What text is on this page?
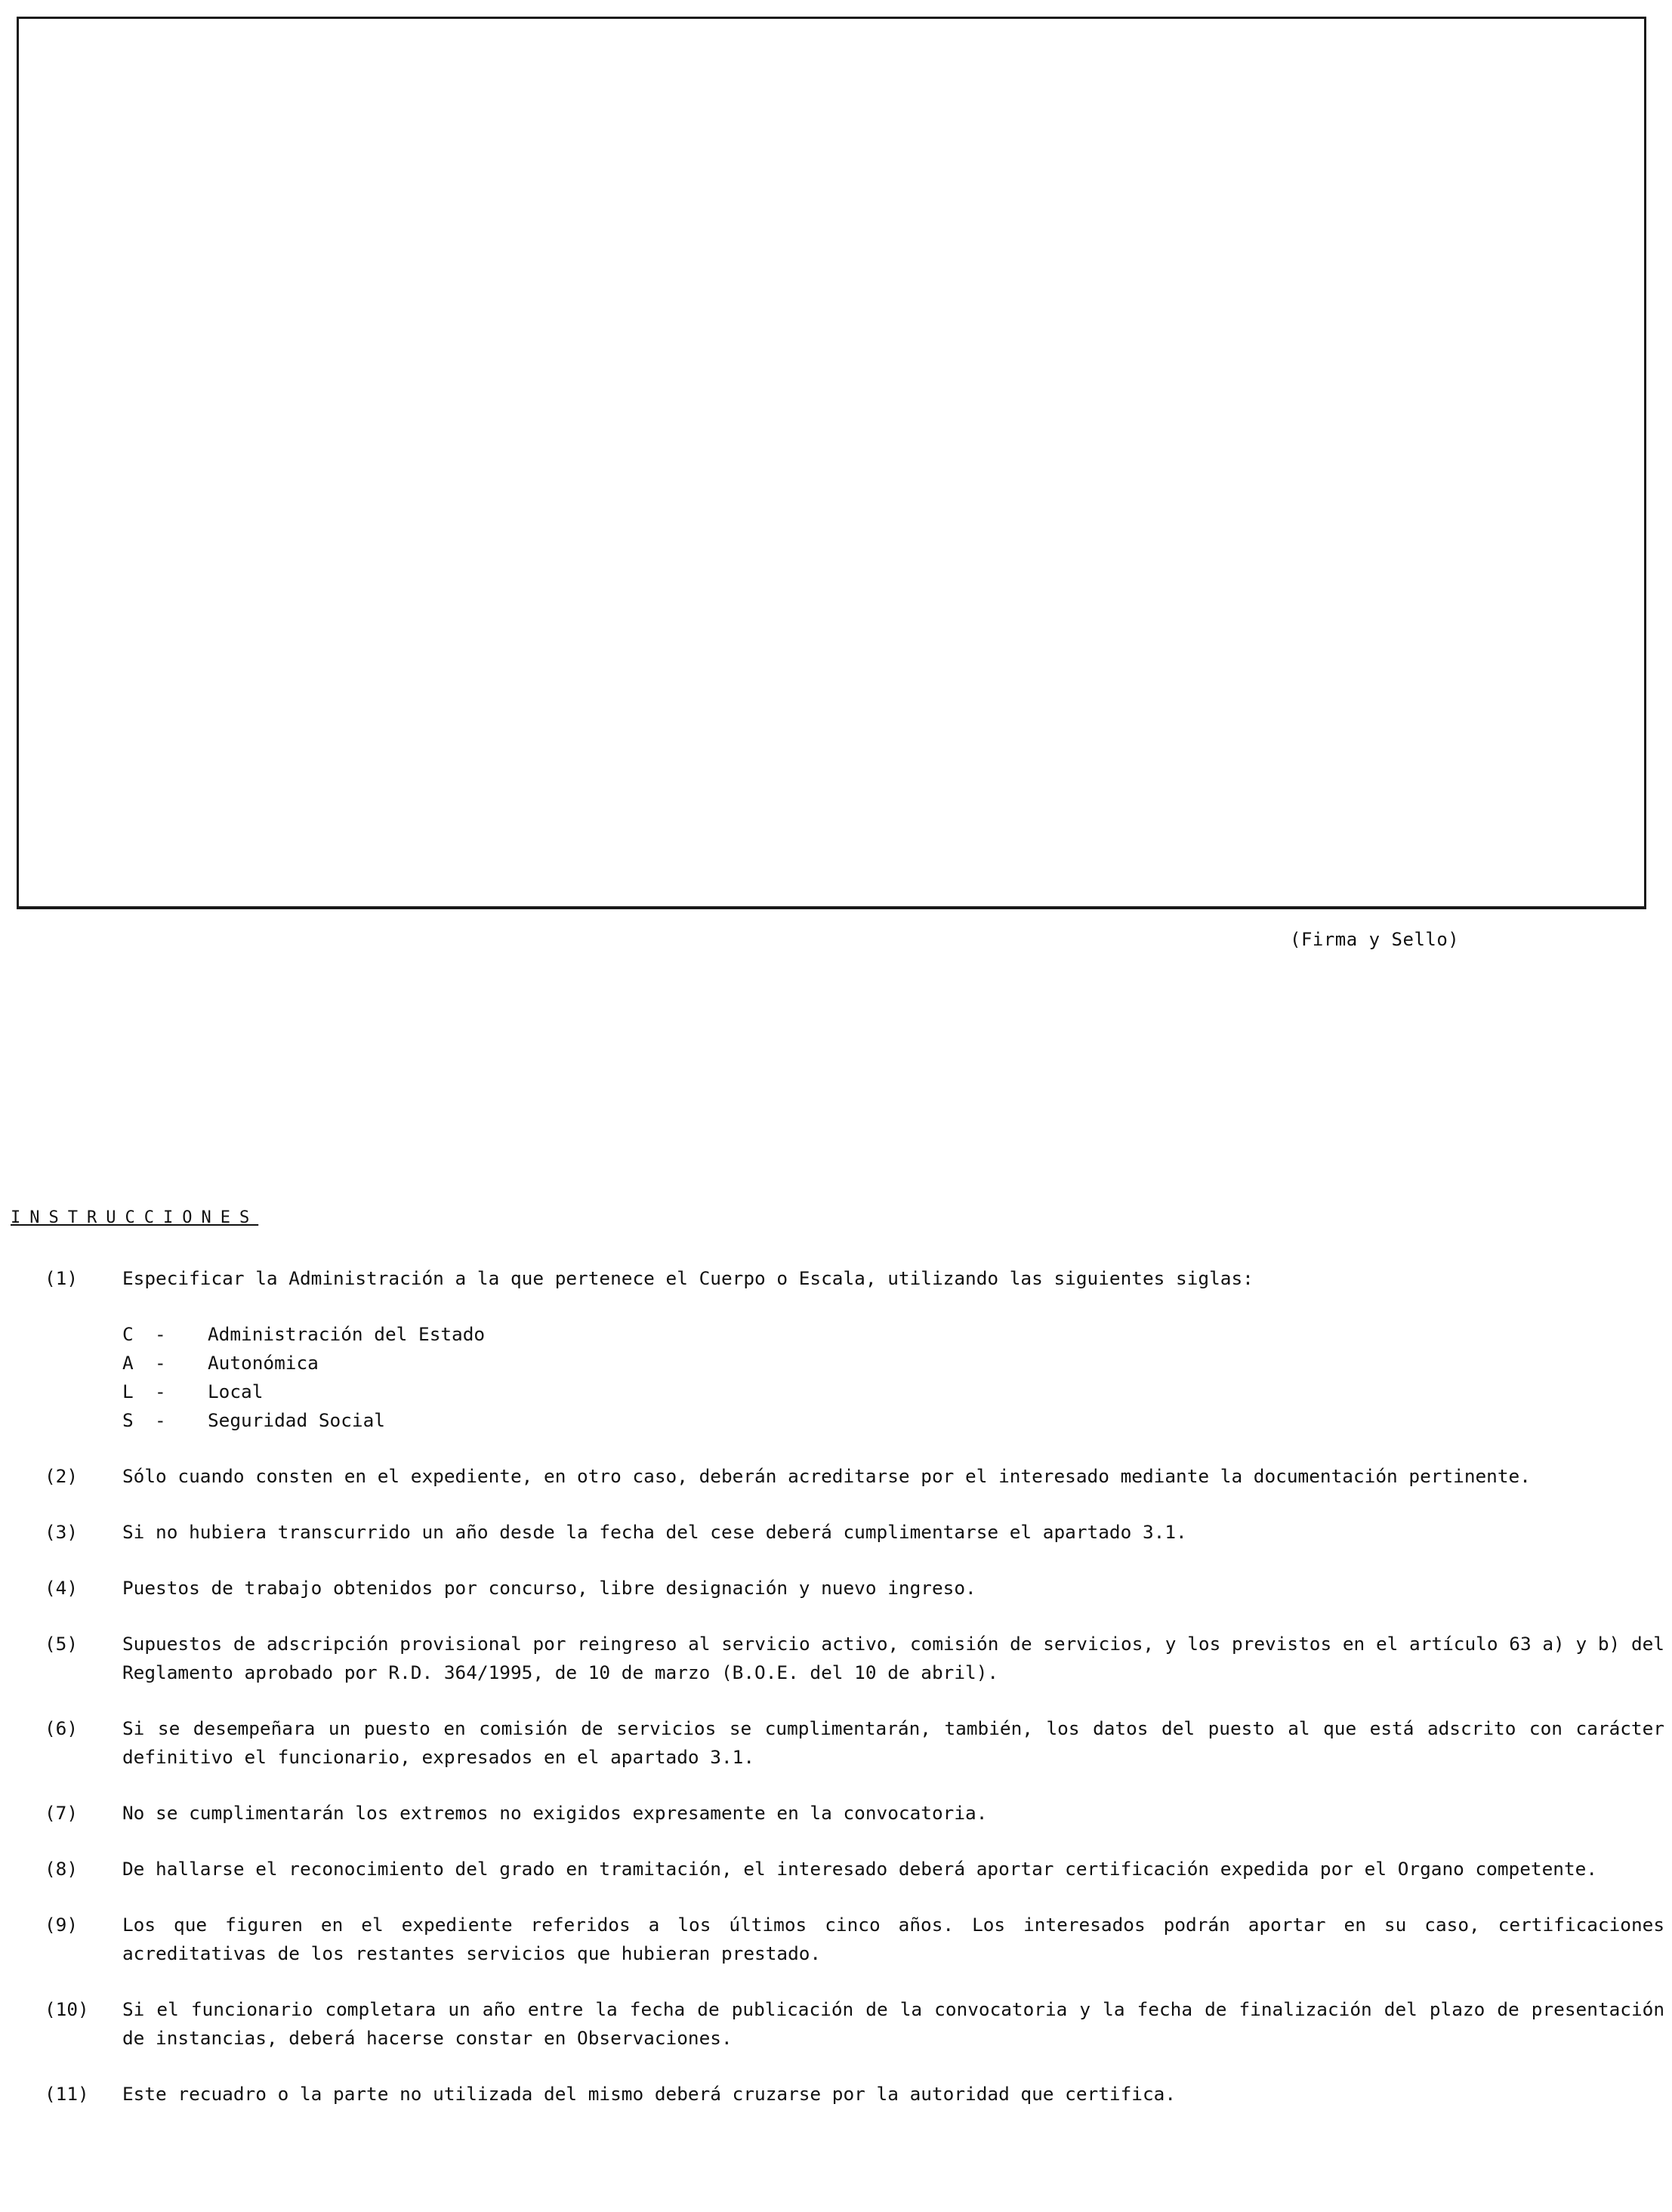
(Firma y Sello)
INSTRUCCIONES
(1)	Especificar la Administración a la que pertenece el Cuerpo o Escala, utilizando las siguientes siglas:
C	-	Administración del Estado
A	-	Autonómica
L	-	Local
S	-	Seguridad Social
(2)	Sólo cuando consten en el expediente, en otro caso, deberán acreditarse por el interesado mediante la documentación pertinente.
(3)	Si no hubiera transcurrido un año desde la fecha del cese deberá cumplimentarse el apartado 3.1.
(4)	Puestos de trabajo obtenidos por concurso, libre designación y nuevo ingreso.
(5)	Supuestos de adscripción provisional por reingreso al servicio activo, comisión de servicios, y los previstos en el artículo 63 a) y b) del Reglamento aprobado por R.D. 364/1995, de 10 de marzo (B.O.E. del 10 de abril).
(6)	Si se desempeñara un puesto en comisión de servicios se cumplimentarán, también, los datos del puesto al que está adscrito con carácter definitivo el funcionario, expresados en el apartado 3.1.
(7)	No se cumplimentarán los extremos no exigidos expresamente en la convocatoria.
(8)	De hallarse el reconocimiento del grado en tramitación, el interesado deberá aportar certificación expedida por el Organo competente.
(9)	Los que figuren en el expediente referidos a los últimos cinco años. Los interesados podrán aportar en su caso, certificaciones acreditativas de los restantes servicios que hubieran prestado.
(10)	Si el funcionario completara un año entre la fecha de publicación de la convocatoria y la fecha de finalización del plazo de presentación de instancias, deberá hacerse constar en Observaciones.
(11)	Este recuadro o la parte no utilizada del mismo deberá cruzarse por la autoridad que certifica.
